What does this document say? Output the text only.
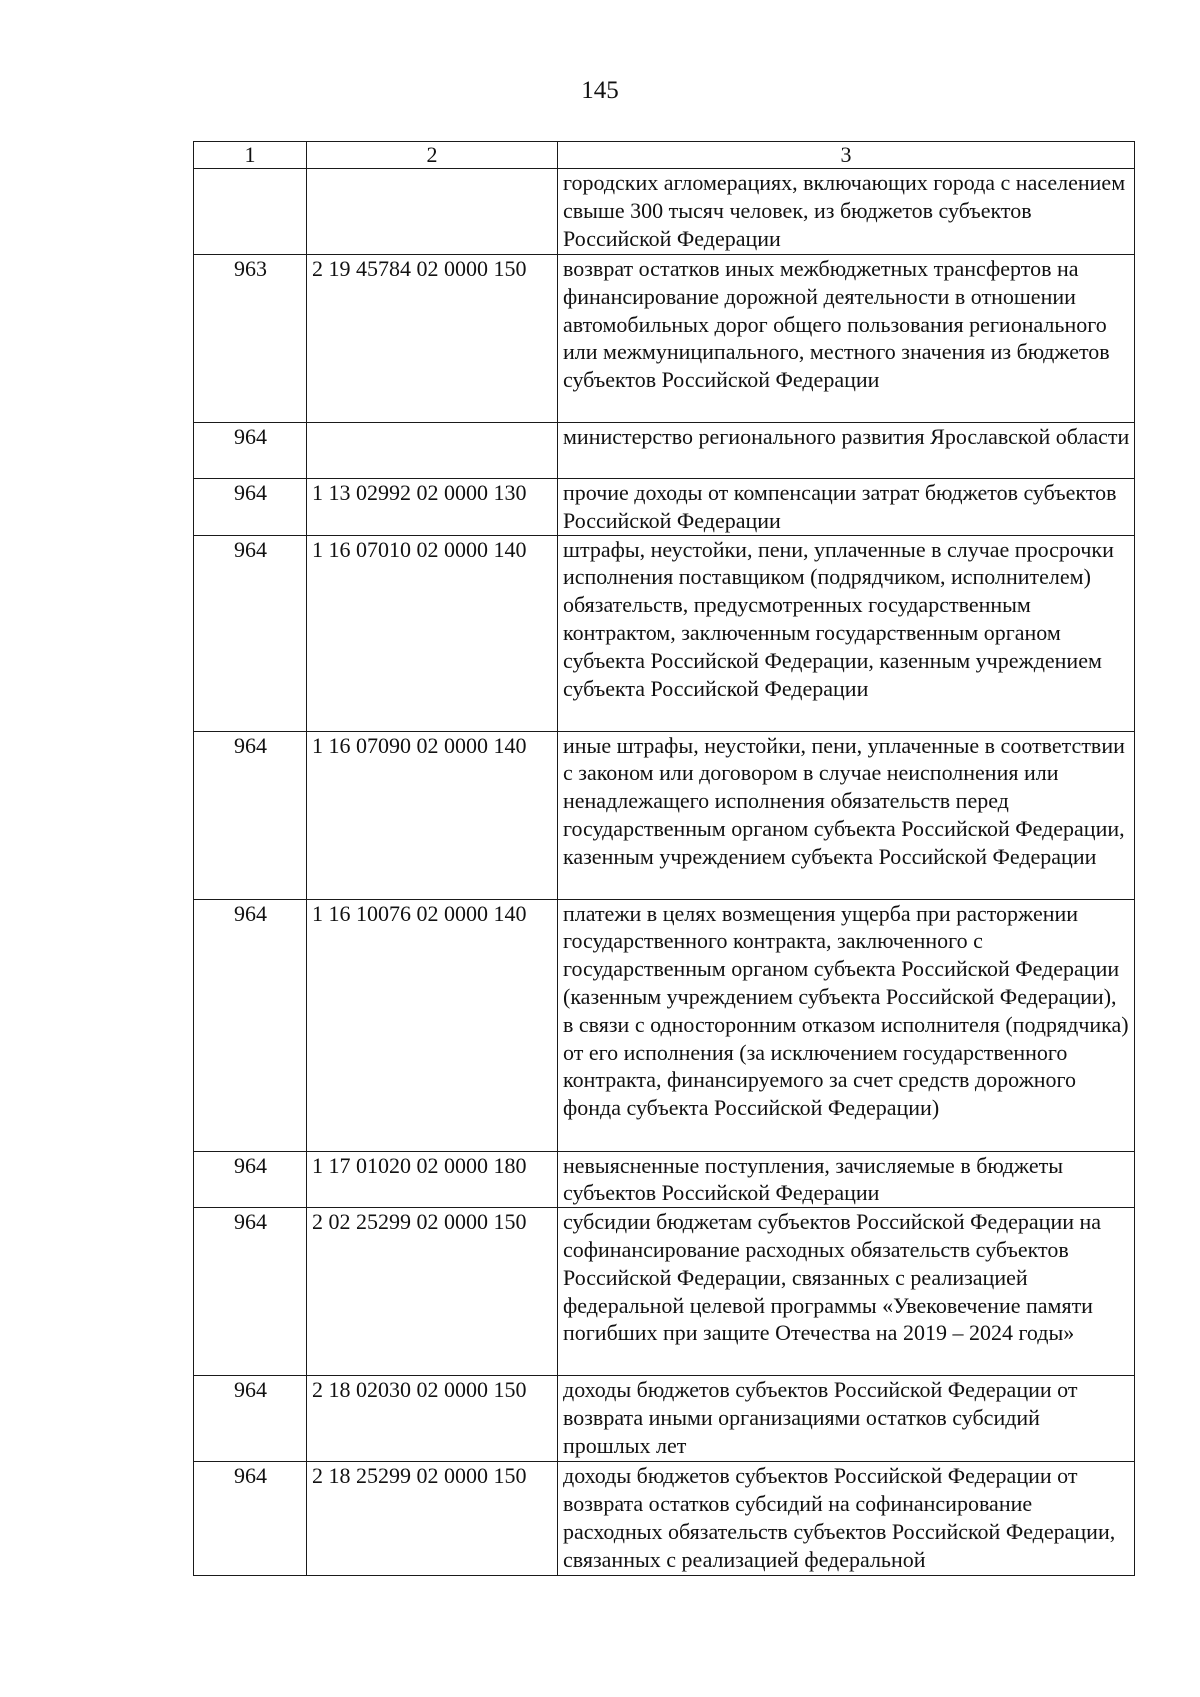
145
1	2	3
		городских агломерациях, включающих города с населением свыше 300 тысяч человек, из бюджетов субъектов Российской Федерации
963	2 19 45784 02 0000 150	возврат остатков иных межбюджетных трансфертов на финансирование дорожной деятельности в отношении автомобильных дорог общего пользования регионального или межмуниципального, местного значения из бюджетов субъектов Российской Федерации
964		министерство регионального развития Ярославской области
964	1 13 02992 02 0000 130	прочие доходы от компенсации затрат бюджетов субъектов Российской Федерации
964	1 16 07010 02 0000 140	штрафы, неустойки, пени, уплаченные в случае просрочки исполнения поставщиком (подрядчиком, исполнителем) обязательств, предусмотренных государственным контрактом, заключенным государственным органом субъекта Российской Федерации, казенным учреждением субъекта Российской Федерации
964	1 16 07090 02 0000 140	иные штрафы, неустойки, пени, уплаченные в соответствии с законом или договором в случае неисполнения или ненадлежащего исполнения обязательств перед государственным органом субъекта Российской Федерации, казенным учреждением субъекта Российской Федерации
964	1 16 10076 02 0000 140	платежи в целях возмещения ущерба при расторжении государственного контракта, заключенного с государственным органом субъекта Российской Федерации (казенным учреждением субъекта Российской Федерации), в связи с односторонним отказом исполнителя (подрядчика) от его исполнения (за исключением государственного контракта, финансируемого за счет средств дорожного фонда субъекта Российской Федерации)
964	1 17 01020 02 0000 180	невыясненные поступления, зачисляемые в бюджеты субъектов Российской Федерации
964	2 02 25299 02 0000 150	субсидии бюджетам субъектов Российской Федерации на софинансирование расходных обязательств субъектов Российской Федерации, связанных с реализацией федеральной целевой программы «Увековечение памяти погибших при защите Отечества на 2019 – 2024 годы»
964	2 18 02030 02 0000 150	доходы бюджетов субъектов Российской Федерации от возврата иными организациями остатков субсидий прошлых лет
964	2 18 25299 02 0000 150	доходы бюджетов субъектов Российской Федерации от возврата остатков субсидий на софинансирование расходных обязательств субъектов Российской Федерации, связанных с реализацией федеральной
